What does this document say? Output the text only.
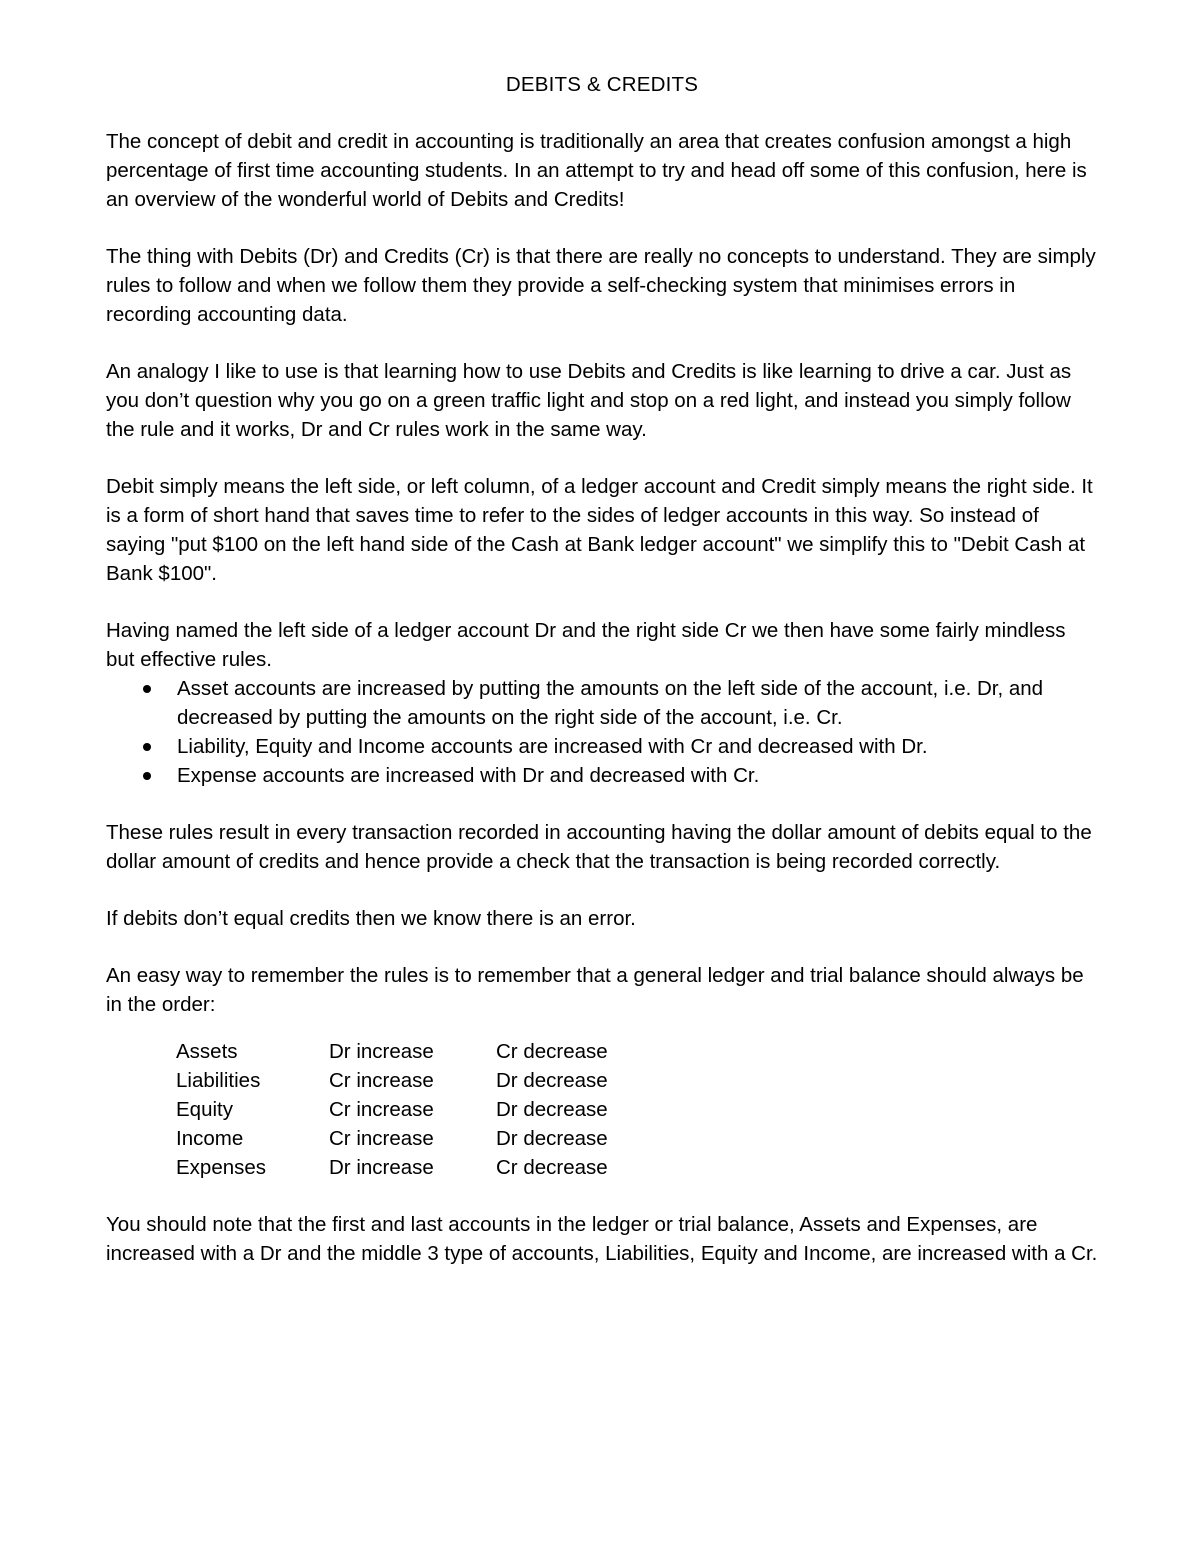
DEBITS & CREDITS

The concept of debit and credit in accounting is traditionally an area that creates confusion amongst a high percentage of first time accounting students. In an attempt to try and head off some of this confusion, here is an overview of the wonderful world of Debits and Credits!

The thing with Debits (Dr) and Credits (Cr) is that there are really no concepts to understand. They are simply rules to follow and when we follow them they provide a self-checking system that minimises errors in recording accounting data.

An analogy I like to use is that learning how to use Debits and Credits is like learning to drive a car. Just as you don’t question why you go on a green traffic light and stop on a red light, and instead you simply follow the rule and it works, Dr and Cr rules work in the same way.

Debit simply means the left side, or left column, of a ledger account and Credit simply means the right side. It is a form of short hand that saves time to refer to the sides of ledger accounts in this way. So instead of saying "put $100 on the left hand side of the Cash at Bank ledger account" we simplify this to "Debit Cash at Bank $100".

Having named the left side of a ledger account Dr and the right side Cr we then have some fairly mindless but effective rules.

Asset accounts are increased by putting the amounts on the left side of the account, i.e. Dr, and decreased by putting the amounts on the right side of the account, i.e. Cr.
Liability, Equity and Income accounts are increased with Cr and decreased with Dr.
Expense accounts are increased with Dr and decreased with Cr.

These rules result in every transaction recorded in accounting having the dollar amount of debits equal to the dollar amount of credits and hence provide a check that the transaction is being recorded correctly.

If debits don’t equal credits then we know there is an error.

An easy way to remember the rules is to remember that a general ledger and trial balance should always be in the order:

Assets	Dr increase	Cr decrease
Liabilities	Cr increase	Dr decrease
Equity	Cr increase	Dr decrease
Income	Cr increase	Dr decrease
Expenses	Dr increase	Cr decrease

You should note that the first and last accounts in the ledger or trial balance, Assets and Expenses, are increased with a Dr and the middle 3 type of accounts, Liabilities, Equity and Income, are increased with a Cr.
